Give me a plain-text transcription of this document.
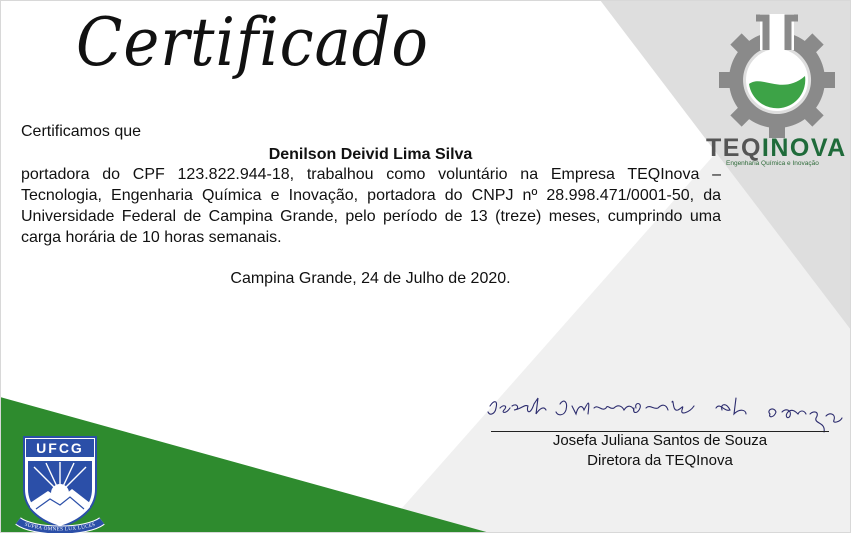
Certificado
Certificamos que
Denilson Deivid Lima Silva
portadora do CPF 123.822.944-18, trabalhou como voluntário na Empresa TEQInova – Tecnologia, Engenharia Química e Inovação, portadora do CNPJ nº 28.998.471/0001-50, da Universidade Federal de Campina Grande, pelo período de 13 (treze) meses, cumprindo uma carga horária de 10 horas semanais.
Campina Grande, 24 de Julho de 2020.
Josefa Juliana Santos de Souza
Diretora da TEQInova
TEQINOVA
Engenharia Química e Inovação
UFCG
SUPRA OMNES LUX LUCES
